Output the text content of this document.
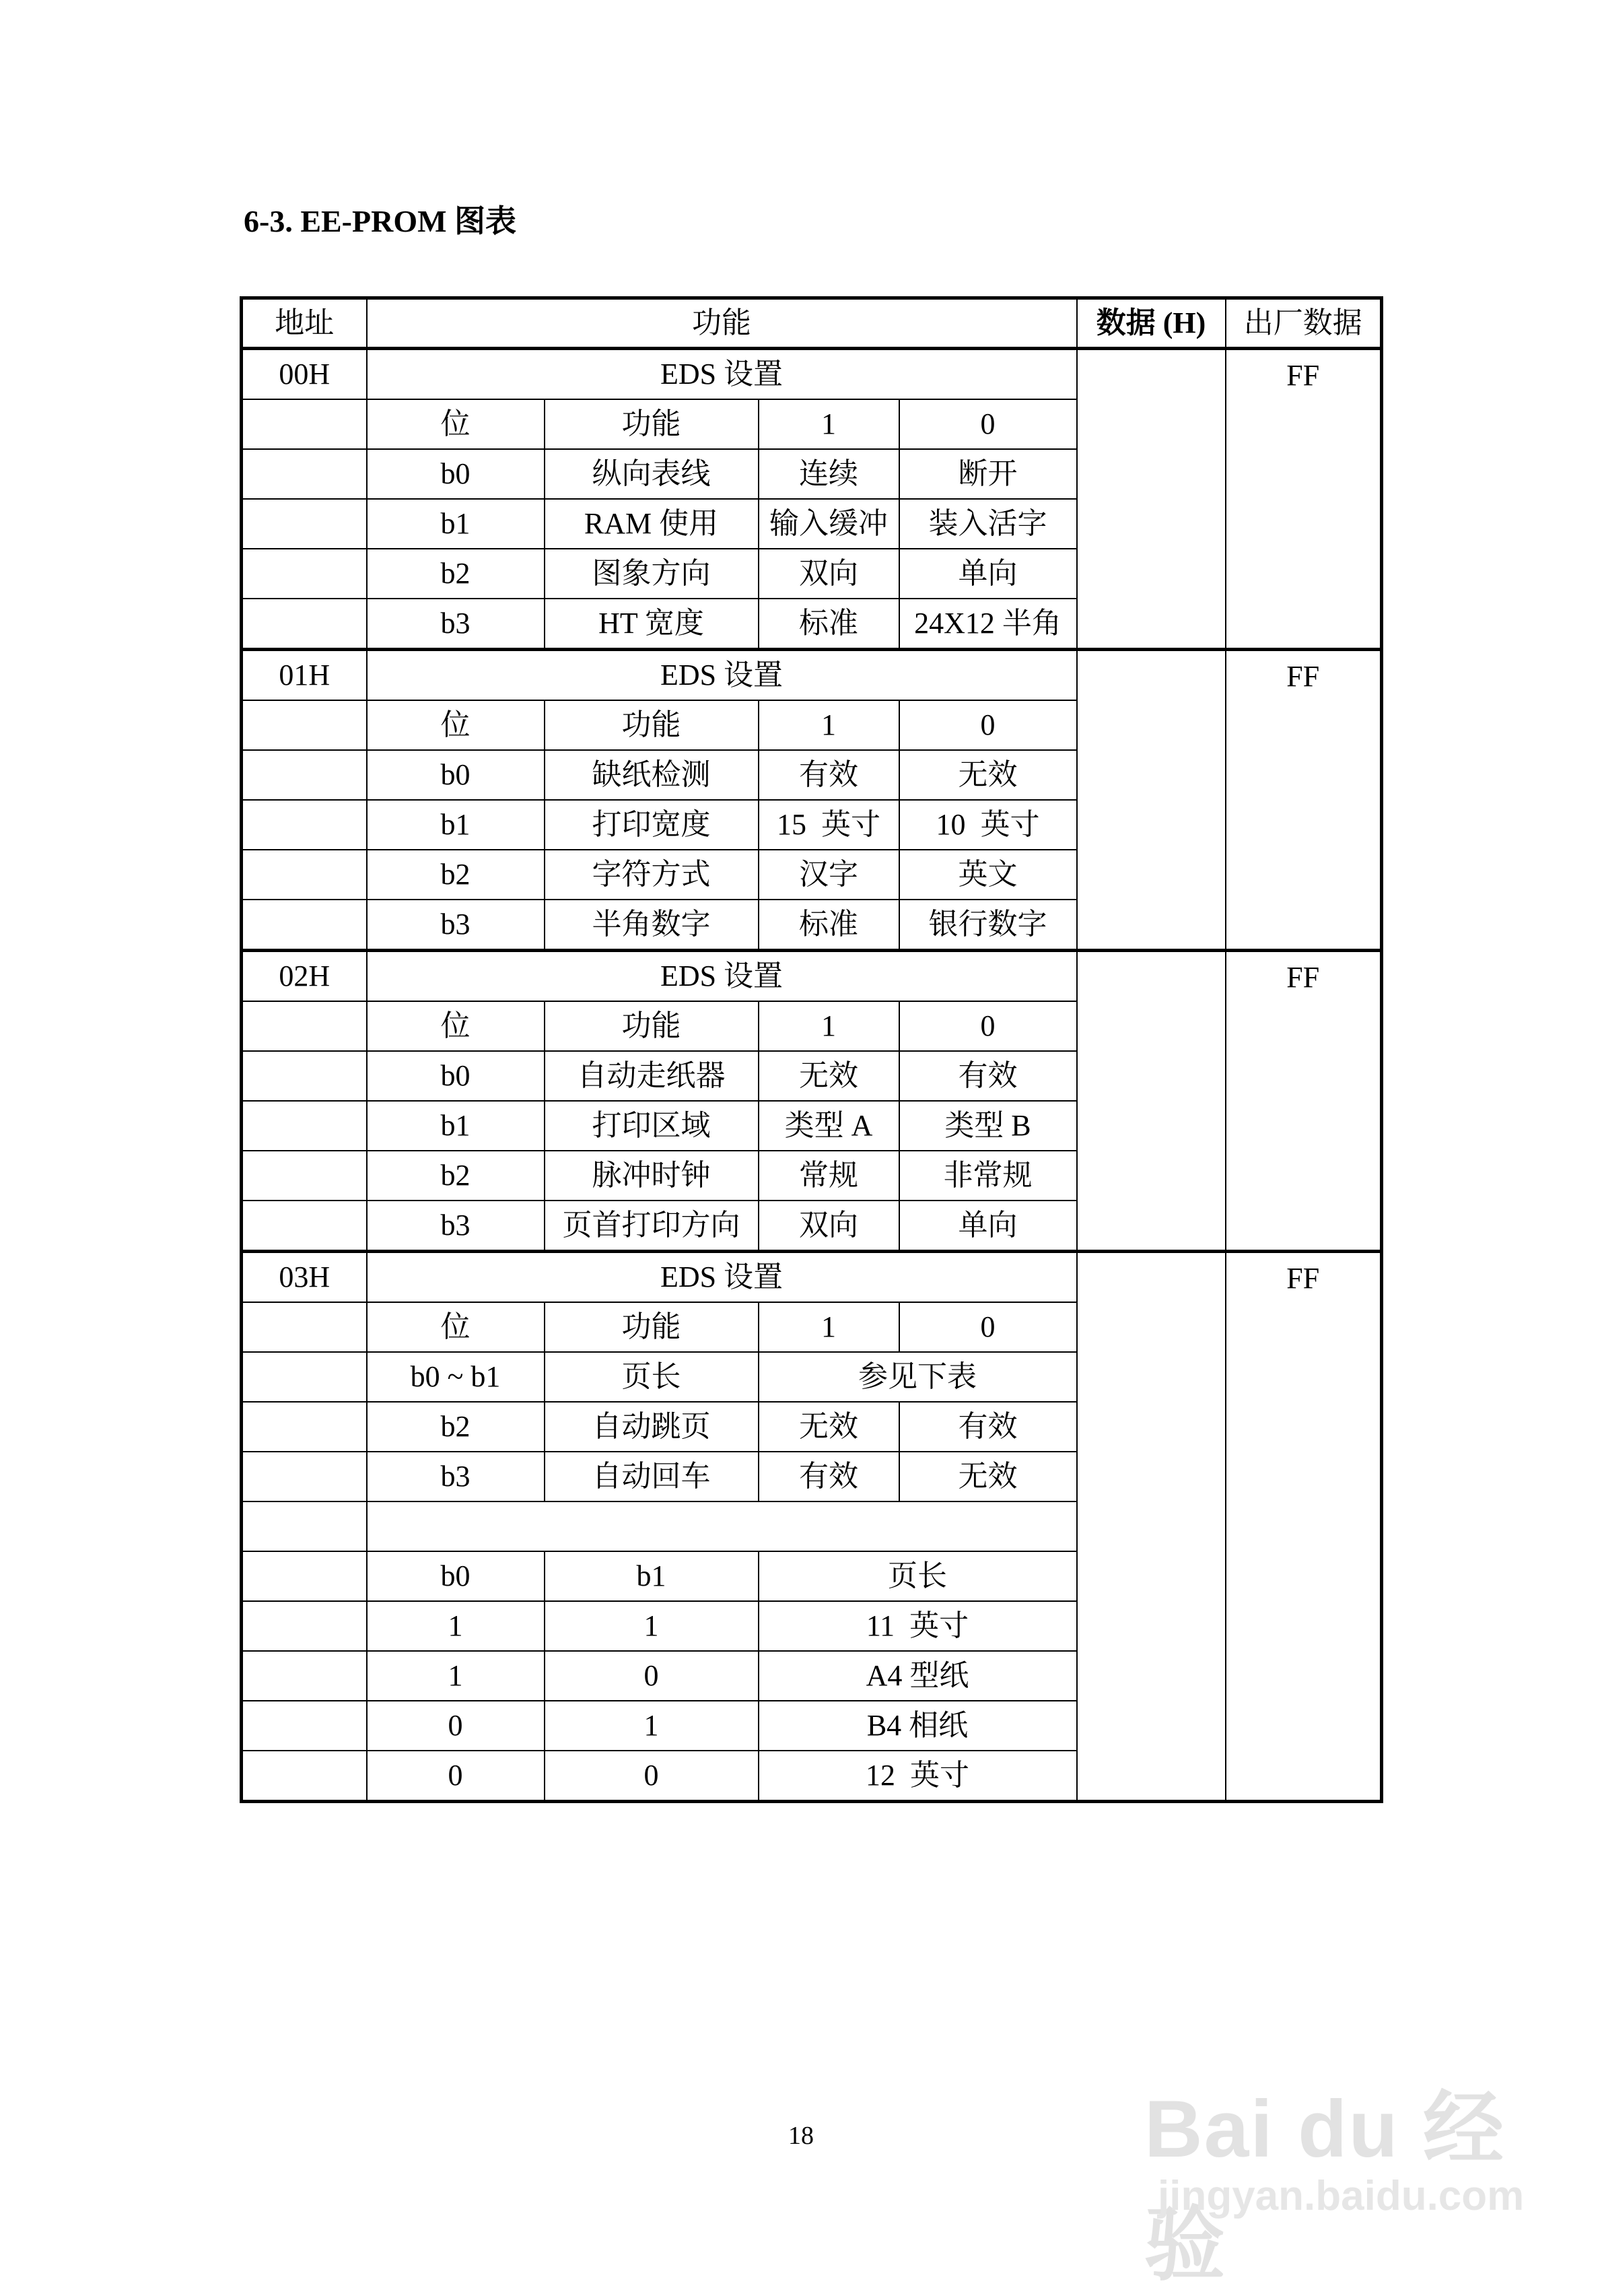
6-3. EE-PROM 图表
地址	功能				数据 (H)	出厂数据
00H	EDS 设置					FF
	位	功能	1	0		
	b0	纵向表线	连续	断开		
	b1	RAM 使用	输入缓冲	装入活字		
	b2	图象方向	双向	单向		
	b3	HT 宽度	标准	24X12 半角		
01H	EDS 设置					FF
	位	功能	1	0		
	b0	缺纸检测	有效	无效		
	b1	打印宽度	15  英寸	10  英寸		
	b2	字符方式	汉字	英文		
	b3	半角数字	标准	银行数字		
02H	EDS 设置					FF
	位	功能	1	0		
	b0	自动走纸器	无效	有效		
	b1	打印区域	类型 A	类型 B		
	b2	脉冲时钟	常规	非常规		
	b3	页首打印方向	双向	单向		
03H	EDS 设置					FF
	位	功能	1	0		
	b0 ~ b1	页长	参见下表			
	b2	自动跳页	无效	有效		
	b3	自动回车	有效	无效		

	b0	b1	页长			
	1	1	11  英寸			
	1	0	A4 型纸			
	0	1	B4 相纸			
	0	0	12  英寸			
18	Bai du 经验
jingyan.baidu.com
